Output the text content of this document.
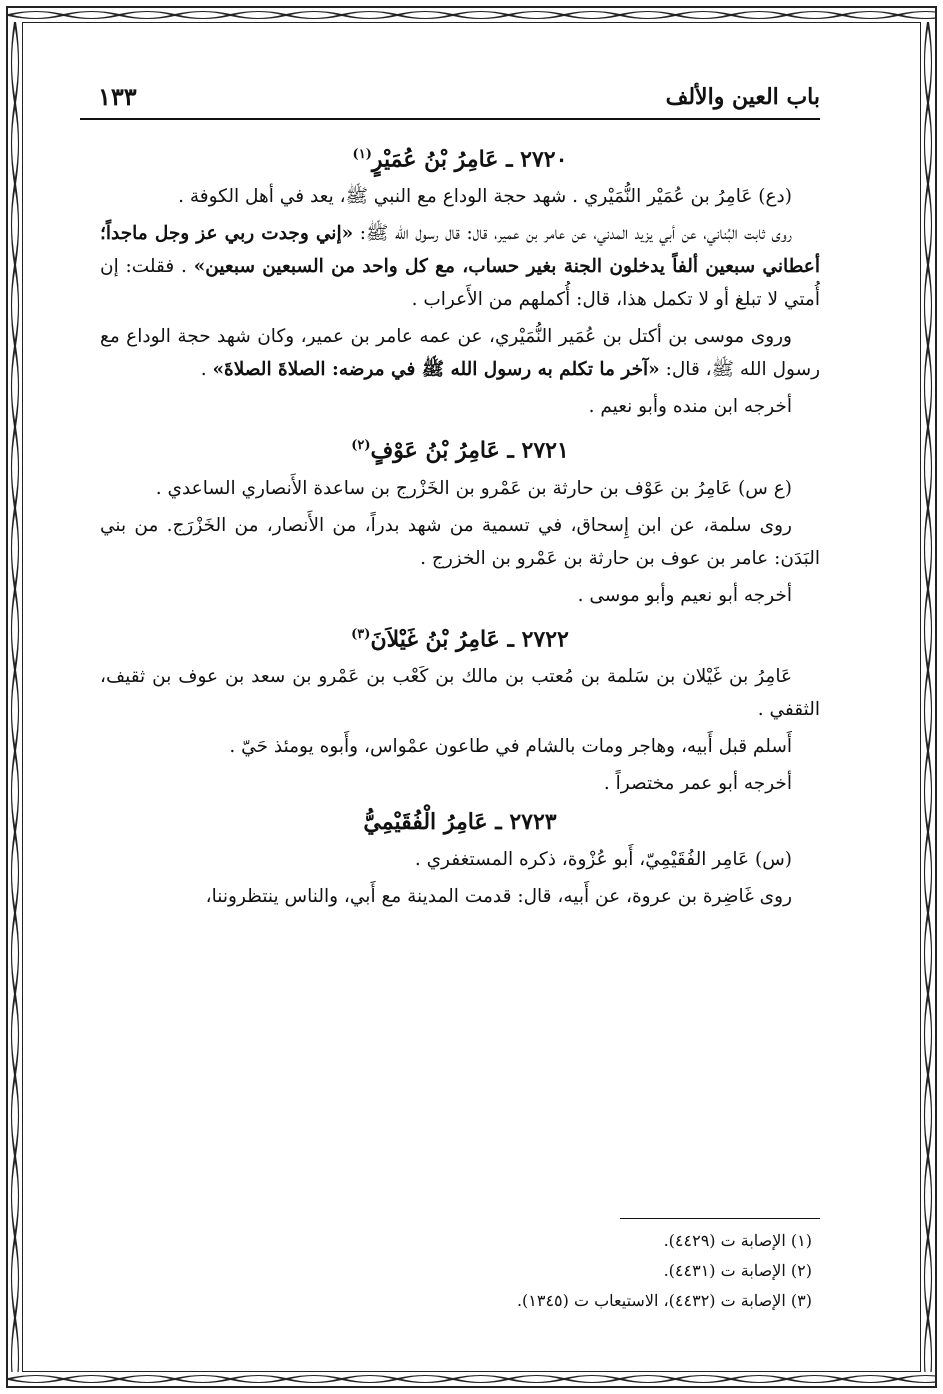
باب العين والألف
١٣٣
٢٧٢٠ ـ عَامِرُ بْنُ عُمَيْرٍ$^{(١)}$

(دع) عَامِرُ بن عُمَيْر النُّمَيْري . شهد حجة الوداع مع النبي ﷺ، يعد في أهل الكوفة .

روى ثابت البُناني، عن أبي يزيد المدني، عن عامر بن عمير، قال: قال رسول الله ﷺ: «إني وجدت ربي عز وجل ماجداً؛ أعطاني سبعين ألفاً يدخلون الجنة بغير حساب، مع كل واحد من السبعين سبعين» . فقلت: إن أُمتي لا تبلغ أو لا تكمل هذا، قال: أُكملهم من الأَعراب .

وروى موسى بن أكتل بن عُمَير النُّمَيْري، عن عمه عامر بن عمير، وكان شهد حجة الوداع مع رسول الله ﷺ، قال: «آخر ما تكلم به رسول الله ﷺ في مرضه: الصلاةَ الصلاةَ» .

أخرجه ابن منده وأبو نعيم .

٢٧٢١ ـ عَامِرُ بْنُ عَوْفٍ$^{(٢)}$

(ع س) عَامِرُ بن عَوْف بن حارثة بن عَمْرو بن الخَزْرج بن ساعدة الأَنصاري الساعدي .

روى سلمة، عن ابن إِسحاق، في تسمية من شهد بدراً، من الأَنصار، من الخَزْرَج. من بني البَدَن: عامر بن عوف بن حارثة بن عَمْرو بن الخزرج .

أخرجه أبو نعيم وأبو موسى .

٢٧٢٢ ـ عَامِرُ بْنُ غَيْلاَنَ$^{(٣)}$

عَامِرُ بن غَيْلان بن سَلمة بن مُعتب بن مالك بن كَعْب بن عَمْرو بن سعد بن عوف بن ثقيف، الثقفي .

أَسلم قبل أَبيه، وهاجر ومات بالشام في طاعون عمْواس، وأَبوه يومئذ حَيّ .

أخرجه أبو عمر مختصراً .

٢٧٢٣ ـ عَامِرُ الْفُقَيْمِيُّ

(س) عَامِر الفُقَيْمِيّ، أَبو عُزْوة، ذكره المستغفري .

روى غَاضِرة بن عروة، عن أَبيه، قال: قدمت المدينة مع أَبي، والناس ينتظروننا،

(١) الإصابة ت (٤٤٢٩).
(٢) الإصابة ت (٤٤٣١).
(٣) الإصابة ت (٤٤٣٢)، الاستيعاب ت (١٣٤٥).
